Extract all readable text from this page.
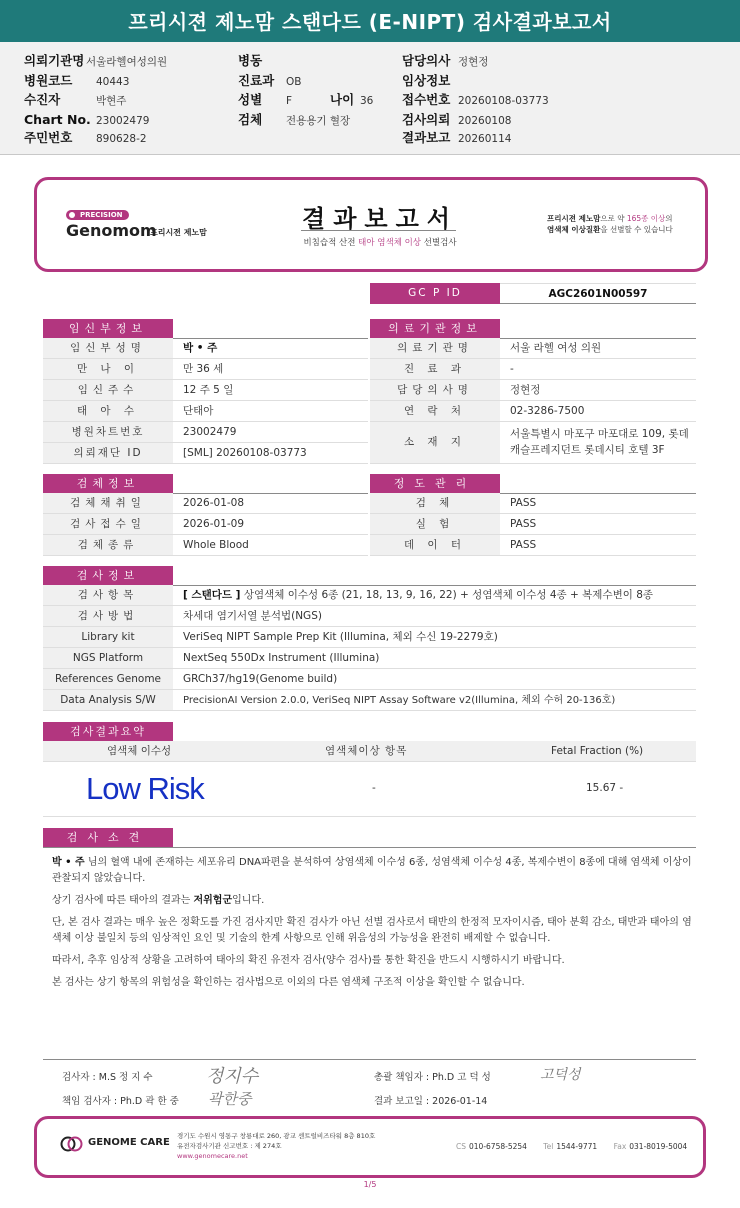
프리시젼 제노맘 스탠다드 (E-NIPT) 검사결과보고서
의뢰기관명 서울라헬여성의원
병원코드 40443
수진자	박현주
Chart No. 23002479
주민번호 890628-2
병동
진료과 OB
성별 F	나이 36
검체 전용용기 혈장
담당의사 정현정
임상정보
접수번호 20260108-03773
검사의뢰 20260108
결과보고 20260114
PRECISION
Genomom
프리시젼 제노맘	결과보고서
비침습적 산전 태아 염색체 이상 선별검사
프리시젼 제노맘으로 약 165종 이상의
염색체 이상질환을 선별할 수 있습니다
GC P ID	AGC2601N00597
임신부정보
임신부성명	박 • 주
만 나 이	만 36 세
임신주수	12 주 5 일
태 아 수	단태아
병원차트번호	23002479
의뢰재단 ID	[SML] 20260108-03773
의료기관정보
의료기관명	서울 라헬 여성 의원
진 료 과	-
담당의사명	정현정
연 락 처	02-3286-7500
소 재 지
서울특별시 마포구 마포대로 109, 롯데
캐슬프레지던트 롯데시티 호텔 3F
검체정보
검체채취일	2026-01-08
검사접수일	2026-01-09
검체종류	Whole Blood
정도관리
검 체	PASS
실 험	PASS
데 이 터	PASS
검사정보
검사항목	[ 스탠다드 ] 상염색체 이수성 6종 (21, 18, 13, 9, 16, 22) + 성염색체 이수성 4종 + 복제수변이 8종
검사방법	차세대 염기서열 분석법(NGS)
Library kit	VeriSeq NIPT Sample Prep Kit (Illumina, 체외 수신 19-2279호)
NGS Platform	NextSeq 550Dx Instrument (Illumina)
References Genome	GRCh37/hg19(Genome build)
Data Analysis S/W	PrecisionAI Version 2.0.0, VeriSeq NIPT Assay Software v2(Illumina, 체외 수허 20-136호)
검사결과요약
염색체 이수성	염색체이상 항목	Fetal Fraction (%)
Low Risk	-	15.67 -
검사소견
박 • 주 님의 혈액 내에 존재하는 세포유리 DNA파편을 분석하여 상염색체 이수성 6종, 성염색체 이수성 4종, 복제수변이 8종에 대해 염색체 이상이 관찰되지 않았습니다.
상기 검사에 따른 태아의 결과는 저위험군입니다.
단, 본 검사 결과는 매우 높은 정확도를 가진 검사지만 확진 검사가 아닌 선별 검사로서 태반의 한정적 모자이시즘, 태아 분획 감소, 태반과 태아의 염색체 이상 불일치 등의 임상적인 요인 및 기술의 한계 사항으로 인해 위음성의 가능성을 완전히 배제할 수 없습니다.
따라서, 추후 임상적 상황을 고려하여 태아의 확진 유전자 검사(양수 검사)를 통한 확진을 반드시 시행하시기 바랍니다.
본 검사는 상기 항목의 위험성을 확인하는 검사법으로 이외의 다른 염색체 구조적 이상을 확인할 수 없습니다.
검사자 : M.S 정 지 수	정지수
책임 검사자 : Ph.D 곽 한 중 곽한중
총괄 책임자 : Ph.D 고 덕 성	고덕성
결과 보고일 : 2026-01-14
GENOME CARE
경기도 수원시 영통구 창룡대로 260, 광교 센트럴비즈타워 8층 810호
유전자검사기관 신고번호 : 제 274호
www.genomecare.net
CS 010-6758-5254 Tel 1544-9771 Fax 031-8019-5004
1/5
